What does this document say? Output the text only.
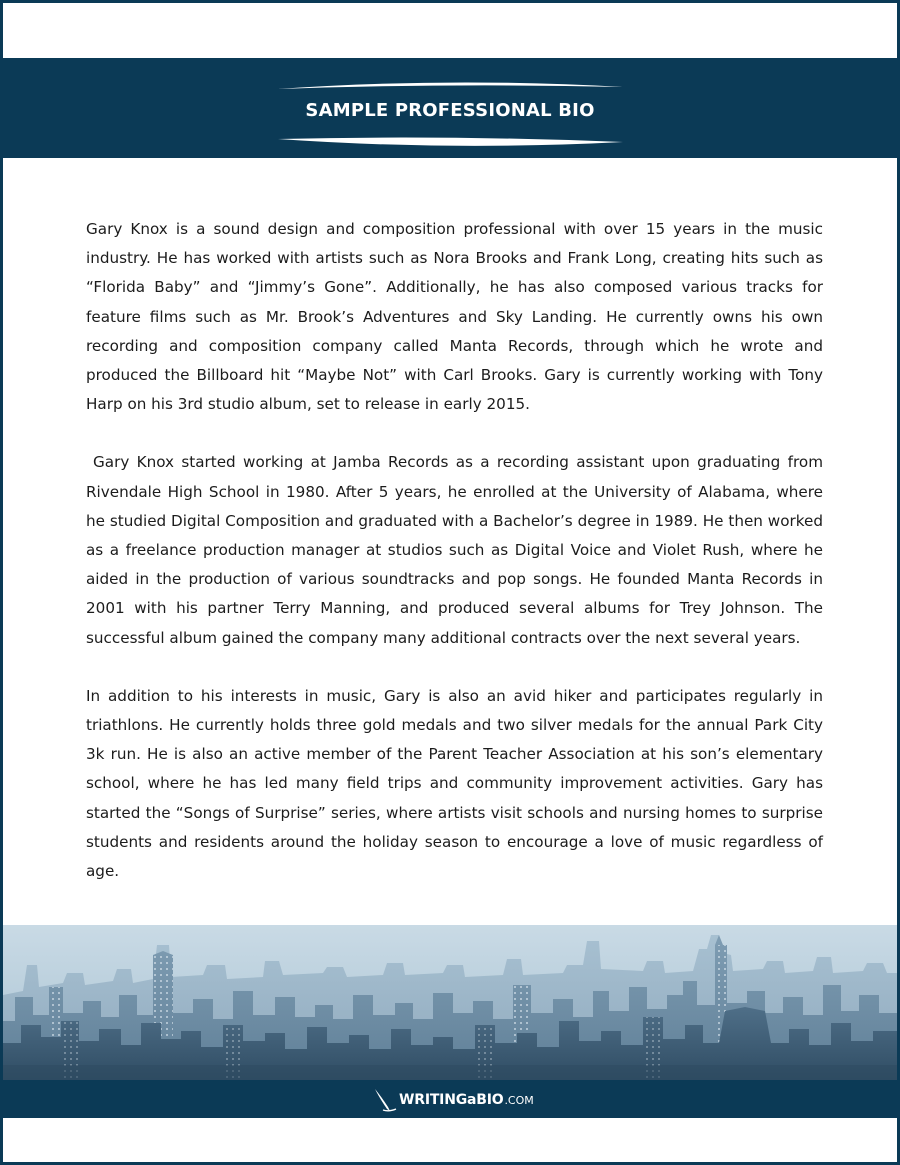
SAMPLE PROFESSIONAL BIO

Gary Knox is a sound design and composition professional with over 15 years in the music industry. He has worked with artists such as Nora Brooks and Frank Long, creating hits such as “Florida Baby” and “Jimmy’s Gone”. Additionally, he has also composed various tracks for feature films such as Mr. Brook’s Adventures and Sky Landing. He currently owns his own recording and composition company called Manta Records, through which he wrote and produced the Billboard hit “Maybe Not” with Carl Brooks. Gary is currently working with Tony Harp on his 3rd studio album, set to release in early 2015.

Gary Knox started working at Jamba Records as a recording assistant upon graduating from Rivendale High School in 1980. After 5 years, he enrolled at the University of Alabama, where he studied Digital Composition and graduated with a Bachelor’s degree in 1989. He then worked as a freelance production manager at studios such as Digital Voice and Violet Rush, where he aided in the production of various soundtracks and pop songs. He founded Manta Records in 2001 with his partner Terry Manning, and produced several albums for Trey Johnson. The successful album gained the company many additional contracts over the next several years.

In addition to his interests in music, Gary is also an avid hiker and participates regularly in triathlons. He currently holds three gold medals and two silver medals for the annual Park City 3k run. He is also an active member of the Parent Teacher Association at his son’s elementary school, where he has led many field trips and community improvement activities. Gary has started the “Songs of Surprise” series, where artists visit schools and nursing homes to surprise students and residents around the holiday season to encourage a love of music regardless of age.

WRITINGaBIO .COM
